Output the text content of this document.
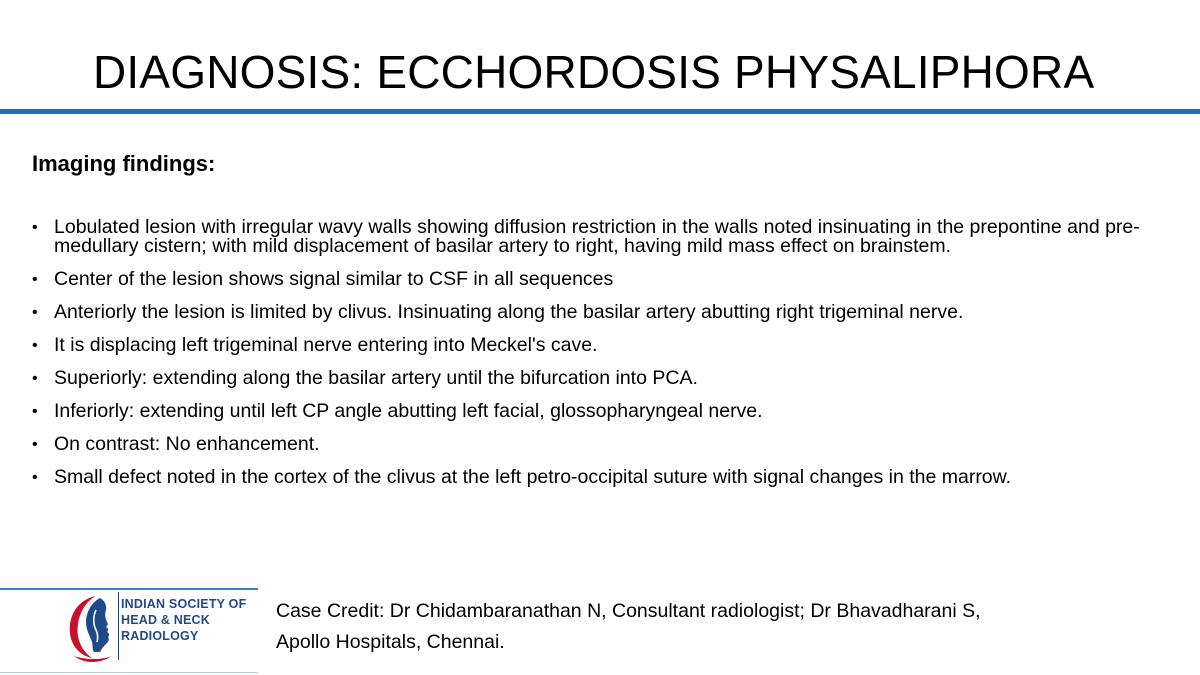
DIAGNOSIS: ECCHORDOSIS PHYSALIPHORA
Imaging findings:
• Lobulated lesion with irregular wavy walls showing diffusion restriction in the walls noted insinuating in the prepontine and pre-medullary cistern; with mild displacement of basilar artery to right, having mild mass effect on brainstem.
• Center of the lesion shows signal similar to CSF in all sequences
• Anteriorly the lesion is limited by clivus. Insinuating along the basilar artery abutting right trigeminal nerve.
• It is displacing left trigeminal nerve entering into Meckel's cave.
• Superiorly: extending along the basilar artery until the bifurcation into PCA.
• Inferiorly: extending until left CP angle abutting left facial, glossopharyngeal nerve.
• On contrast: No enhancement.
• Small defect noted in the cortex of the clivus at the left petro-occipital suture with signal changes in the marrow.
INDIAN SOCIETY OF
HEAD & NECK
RADIOLOGY
Case Credit: Dr Chidambaranathan N, Consultant radiologist; Dr Bhavadharani S,
Apollo Hospitals, Chennai.
